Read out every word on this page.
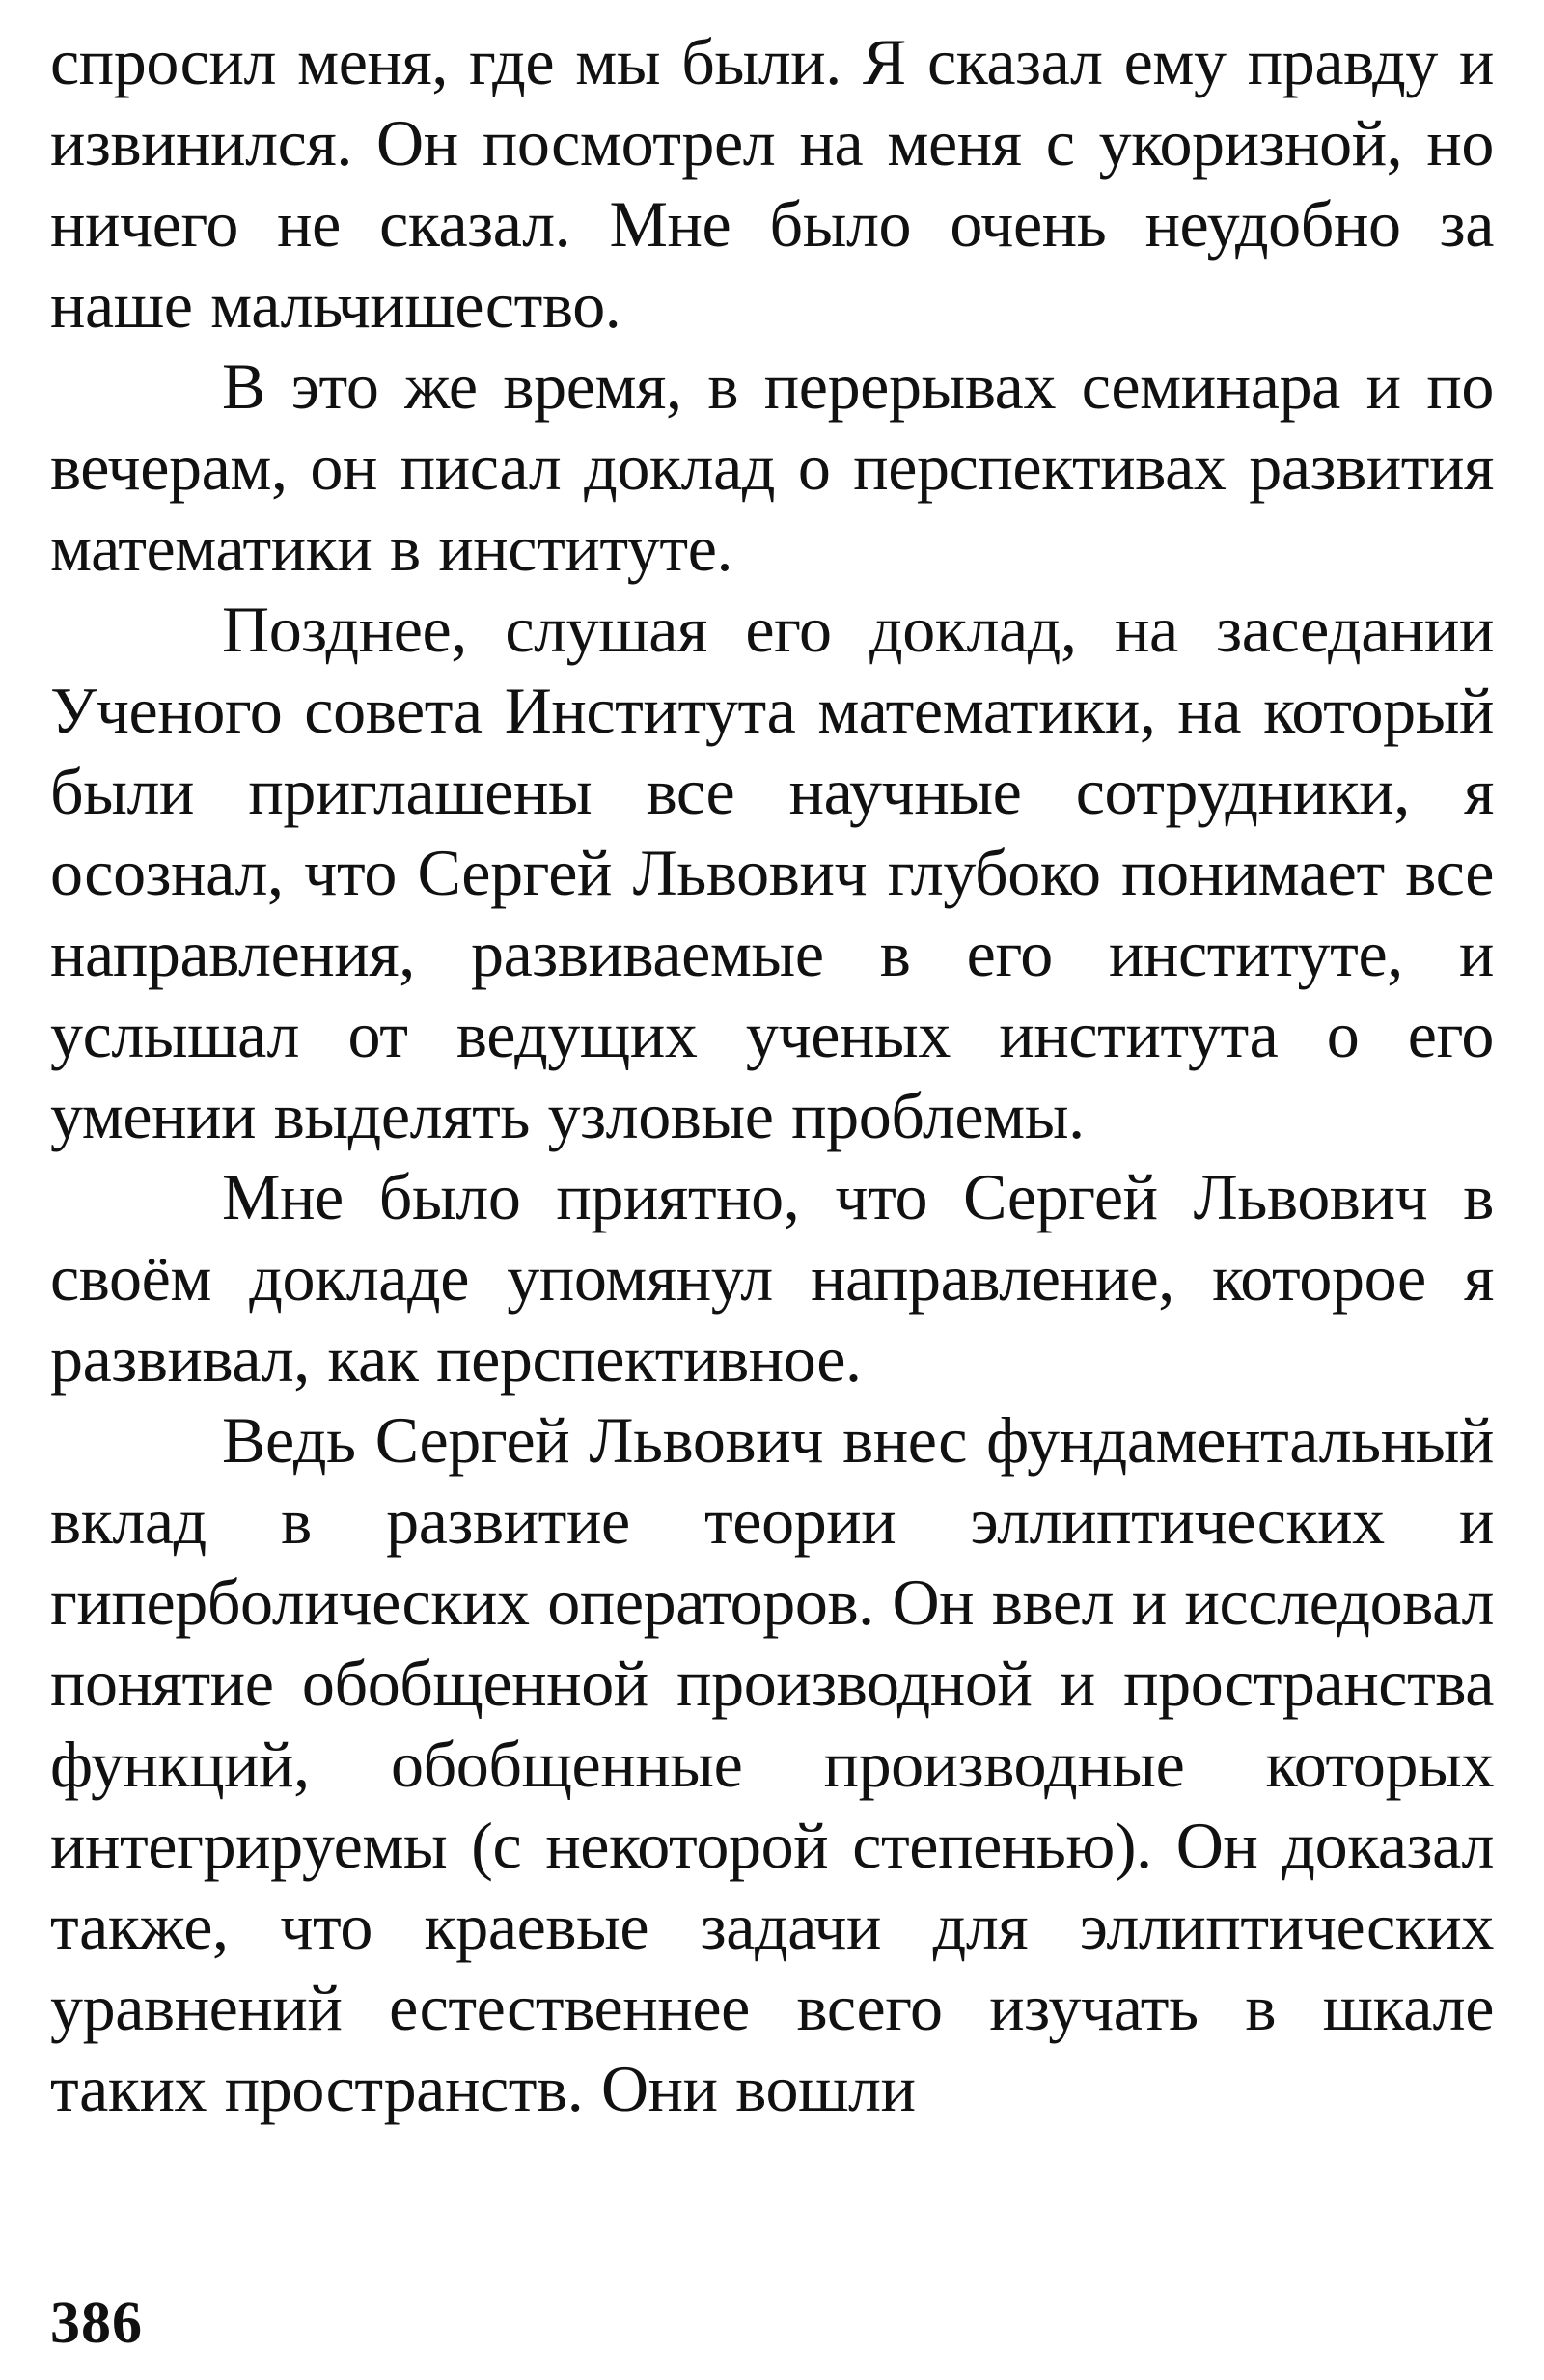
спросил меня, где мы были. Я сказал ему правду и извинился. Он посмотрел на меня с укоризной, но ничего не сказал. Мне было очень неудобно за наше мальчишество.

В это же время, в перерывах семинара и по вечерам, он писал доклад о перспективах развития математики в институте.

Позднее, слушая его доклад, на заседании Ученого совета Института математики, на который были приглашены все научные сотрудники, я осознал, что Сергей Львович глубоко понимает все направления, развиваемые в его институте, и услышал от ведущих ученых института о его умении выделять узловые проблемы.

Мне было приятно, что Сергей Львович в своём докладе упомянул направление, которое я развивал, как перспективное.

Ведь Сергей Львович внес фундаментальный вклад в развитие теории эллиптических и гиперболических операторов. Он ввел и исследовал понятие обобщенной производной и пространства функций, обобщенные производные которых интегрируемы (с некоторой степенью). Он доказал также, что краевые задачи для эллиптических уравнений естественнее всего изучать в шкале таких пространств. Они вошли

386
